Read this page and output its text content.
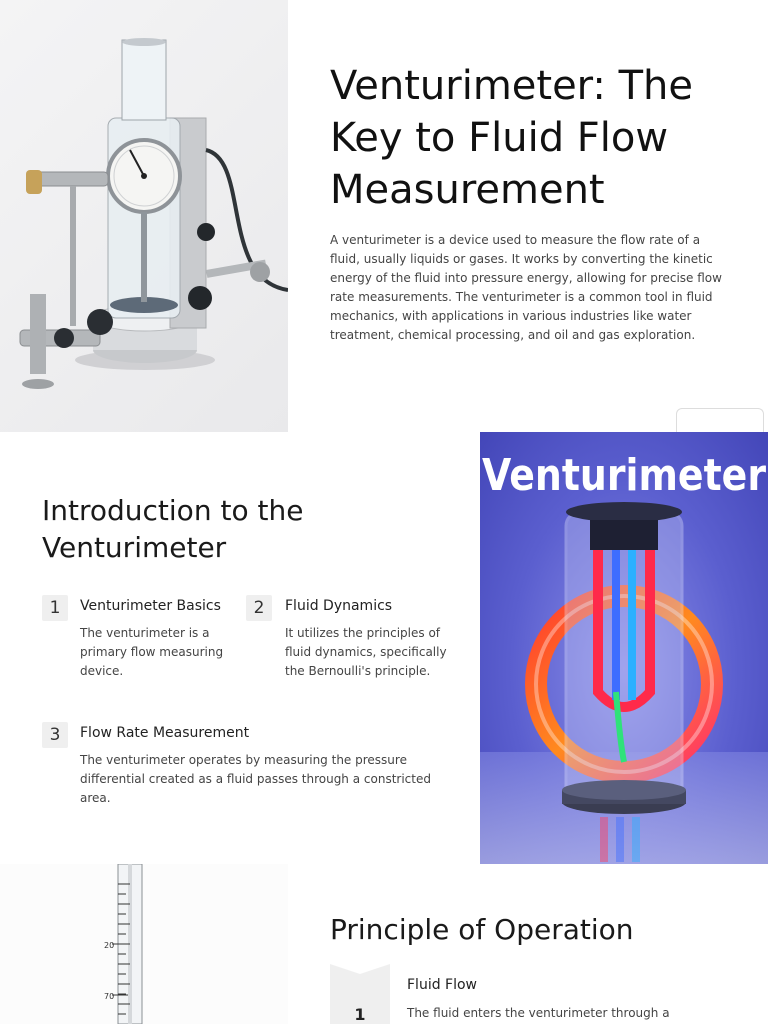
Venturimeter: The Key to Fluid Flow Measurement

A venturimeter is a device used to measure the flow rate of a fluid, usually liquids or gases. It works by converting the kinetic energy of the fluid into pressure energy, allowing for precise flow rate measurements. The venturimeter is a common tool in fluid mechanics, with applications in various industries like water treatment, chemical processing, and oil and gas exploration.

Introduction to the Venturimeter
1	Venturimeter Basics
The venturimeter is a primary flow measuring device.
2	Fluid Dynamics
It utilizes the principles of fluid dynamics, specifically the Bernoulli's principle.
3	Flow Rate Measurement
The venturimeter operates by measuring the pressure differential created as a fluid passes through a constricted area.
Venturimeter
20
70
Principle of Operation
1
Fluid Flow
The fluid enters the venturimeter through a
